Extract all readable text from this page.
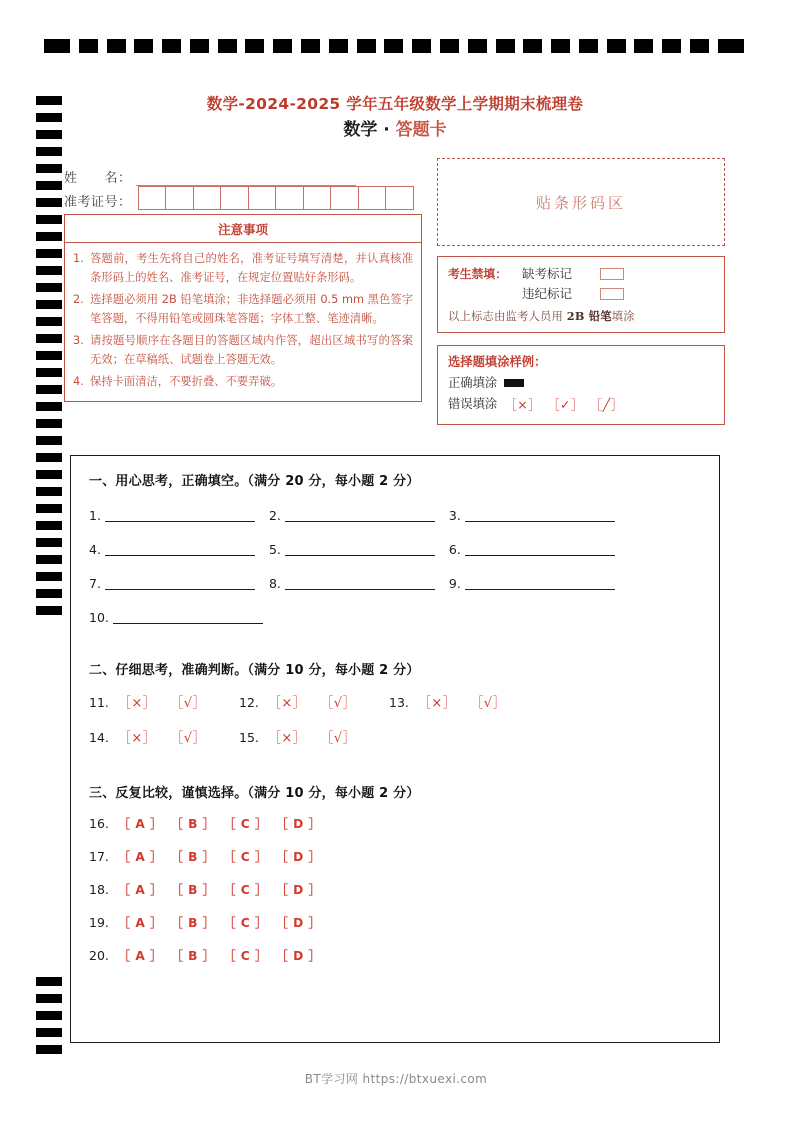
数学-2024-2025 学年五年级数学上学期期末梳理卷
数学 · 答题卡
姓　　名：
准考证号：
注意事项
1. 答题前，考生先将自己的姓名，准考证号填写清楚，并认真核准条形码上的姓名、准考证号，在规定位置贴好条形码。
2. 选择题必须用 2B 铅笔填涂；非选择题必须用 0.5 mm 黑色签字笔答题，不得用铅笔或圆珠笔答题；字体工整、笔迹清晰。
3. 请按题号顺序在各题目的答题区域内作答，超出区域书写的答案无效；在草稿纸、试题卷上答题无效。
4. 保持卡面清洁，不要折叠、不要弄破。
贴条形码区
考生禁填：	缺考标记
违纪标记
以上标志由监考人员用 2B 铅笔填涂
选择题填涂样例：
正确填涂
错误填涂 ［×］ ［✓］ ［╱］
一、用心思考，正确填空。（满分 20 分，每小题 2 分）
1.	2.	3.
4.	5.	6.
7.	8.	9.
10.
二、仔细思考，准确判断。（满分 10 分，每小题 2 分）
11. ［×］ ［√］	12. ［×］ ［√］	13. ［×］ ［√］
14. ［×］ ［√］	15. ［×］ ［√］
三、反复比较，谨慎选择。（满分 10 分，每小题 2 分）
16. ［ A ］ ［ B ］ ［ C ］ ［ D ］
17. ［ A ］ ［ B ］ ［ C ］ ［ D ］
18. ［ A ］ ［ B ］ ［ C ］ ［ D ］
19. ［ A ］ ［ B ］ ［ C ］ ［ D ］
20. ［ A ］ ［ B ］ ［ C ］ ［ D ］
BT学习网 https://btxuexi.com
